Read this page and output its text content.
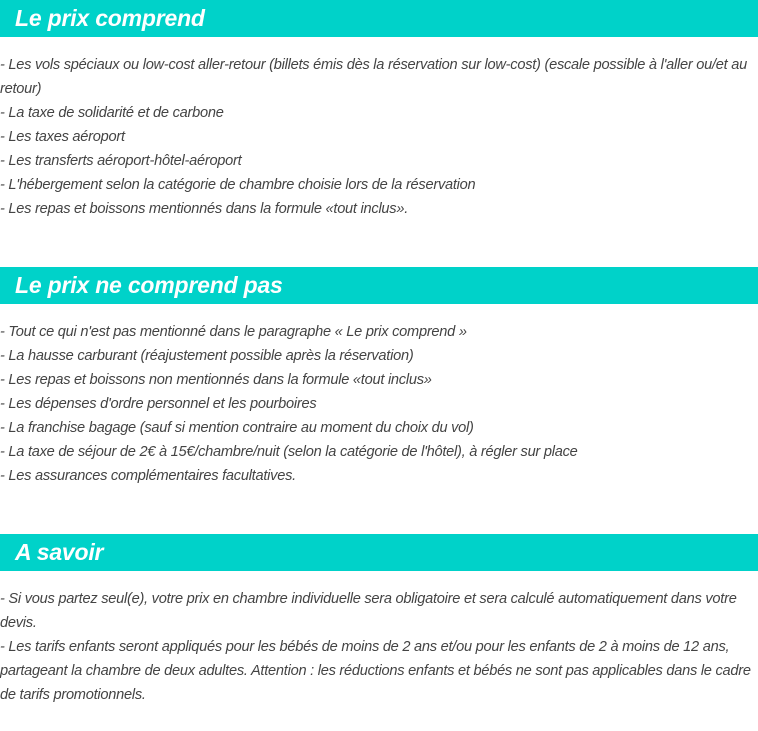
Le prix comprend

- Les vols spéciaux ou low-cost aller-retour (billets émis dès la réservation sur low-cost) (escale possible à l'aller ou/et au retour)

- La taxe de solidarité et de carbone

- Les taxes aéroport

- Les transferts aéroport-hôtel-aéroport

- L'hébergement selon la catégorie de chambre choisie lors de la réservation

- Les repas et boissons mentionnés dans la formule «tout inclus».

Le prix ne comprend pas

- Tout ce qui n'est pas mentionné dans le paragraphe « Le prix comprend »

- La hausse carburant (réajustement possible après la réservation)

- Les repas et boissons non mentionnés dans la formule «tout inclus»

- Les dépenses d'ordre personnel et les pourboires

- La franchise bagage (sauf si mention contraire au moment du choix du vol)

- La taxe de séjour de 2€ à 15€/chambre/nuit (selon la catégorie de l'hôtel), à régler sur place

- Les assurances complémentaires facultatives.

A savoir

- Si vous partez seul(e), votre prix en chambre individuelle sera obligatoire et sera calculé automatiquement dans votre devis.

- Les tarifs enfants seront appliqués pour les bébés de moins de 2 ans et/ou pour les enfants de 2 à moins de 12 ans, partageant la chambre de deux adultes. Attention : les réductions enfants et bébés ne sont pas applicables dans le cadre de tarifs promotionnels.
